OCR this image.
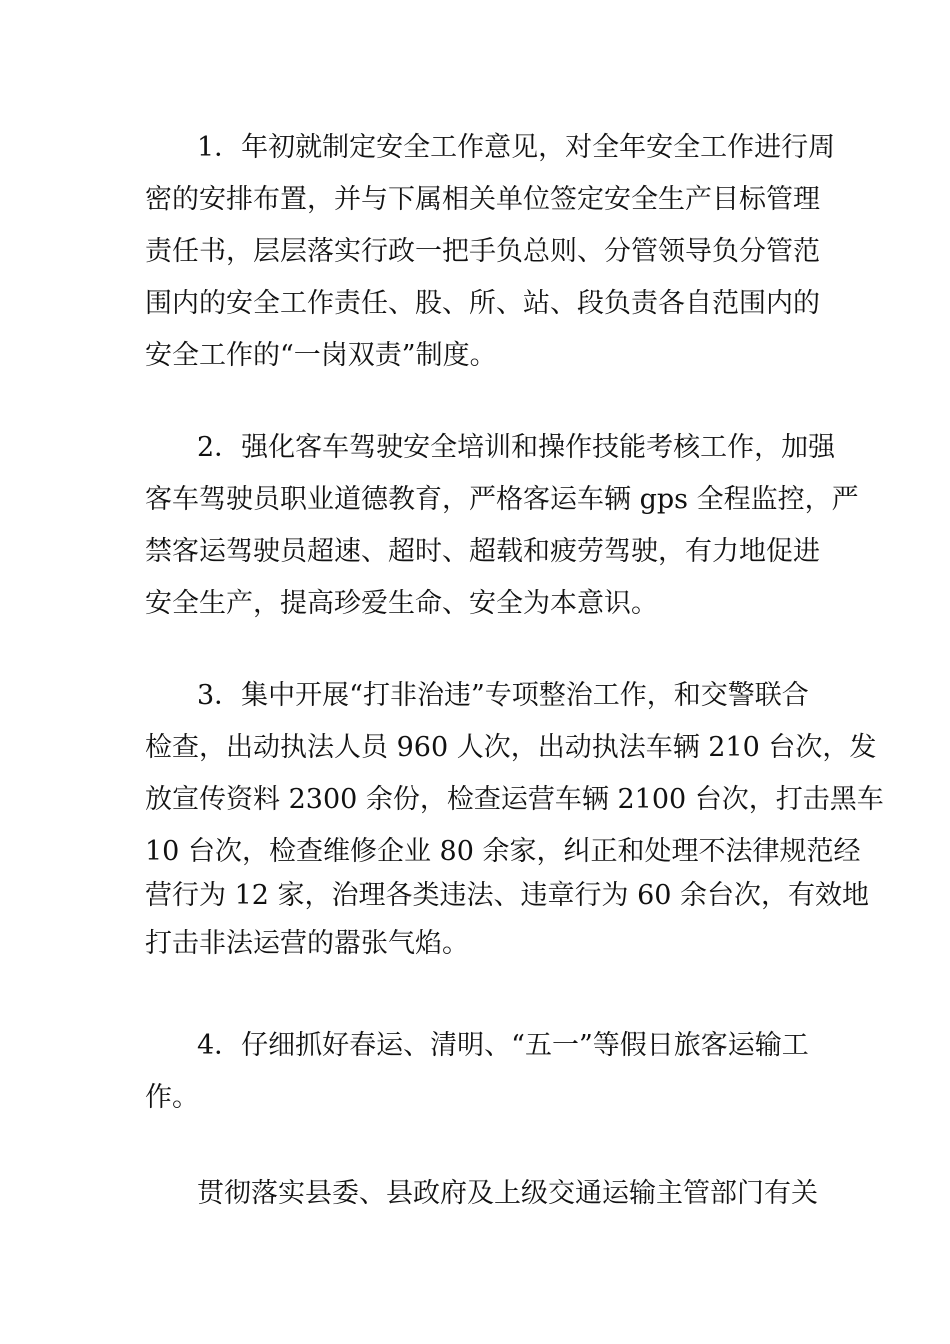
1．年初就制定安全工作意见，对全年安全工作进行周
密的安排布置，并与下属相关单位签定安全生产目标管理
责任书，层层落实行政一把手负总则、分管领导负分管范
围内的安全工作责任、股、所、站、段负责各自范围内的
安全工作的“一岗双责”制度。
2．强化客车驾驶安全培训和操作技能考核工作，加强
客车驾驶员职业道德教育，严格客运车辆 gps 全程监控，严
禁客运驾驶员超速、超时、超载和疲劳驾驶，有力地促进
安全生产，提高珍爱生命、安全为本意识。
3．集中开展“打非治违”专项整治工作，和交警联合
检查，出动执法人员 960 人次，出动执法车辆 210 台次，发
放宣传资料 2300 余份，检查运营车辆 2100 台次，打击黑车
10 台次，检查维修企业 80 余家，纠正和处理不法律规范经
营行为 12 家，治理各类违法、违章行为 60 余台次，有效地
打击非法运营的嚣张气焰。
4．仔细抓好春运、清明、“五一”等假日旅客运输工
作。
贯彻落实县委、县政府及上级交通运输主管部门有关
